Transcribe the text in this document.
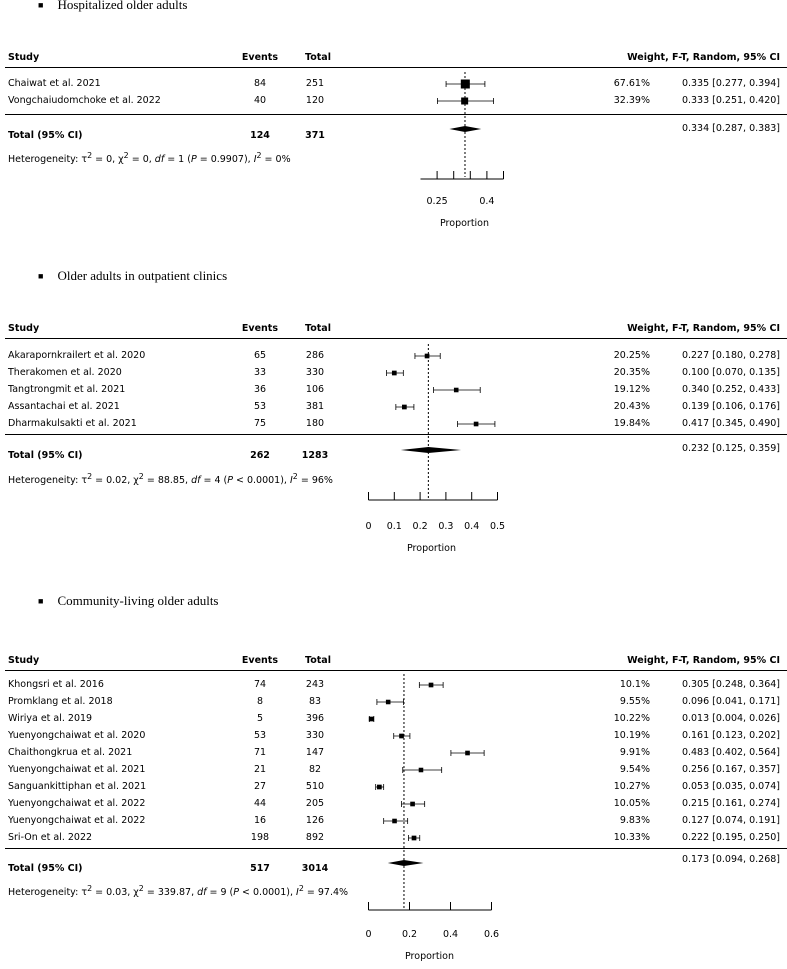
■ Hospitalized older adults
Study	Events	Total	Weight, F-T, Random, 95% CI
Chaiwat et al. 2021	84	251	67.61%	0.335 [0.277, 0.394]
Vongchaiudomchoke et al. 2022	40	120	32.39%	0.333 [0.251, 0.420]
Total (95% CI)	124	371
0.334 [0.287, 0.383]
Heterogeneity: $\tau^2 = 0$, $\chi^2 = 0$, df = 1 (P = 0.9907), $I^2 = 0\%$
Proportion
0.25	0.4
■ Older adults in outpatient clinics
Study	Events	Total	Weight, F-T, Random, 95% CI
Akarapornkrailert et al. 2020	65	286	20.25%	0.227 [0.180, 0.278]
Therakomen et al. 2020	33	330	20.35%	0.100 [0.070, 0.135]
Tangtrongmit et al. 2021	36	106	19.12%	0.340 [0.252, 0.433]
Assantachai et al. 2021	53	381	20.43%	0.139 [0.106, 0.176]
Dharmakulsakti et al. 2021	75	180	19.84%	0.417 [0.345, 0.490]
Total (95% CI)	262	1283
0.232 [0.125, 0.359]
Heterogeneity: $\tau^2 = 0.02$, $\chi^2 = 88.85$, df = 4 (P < 0.0001), $I^2 = 96\%$
Proportion
0 0.1 0.2 0.3 0.4 0.5
■ Community-living older adults
Study	Events	Total	Weight, F-T, Random, 95% CI
Khongsri et al. 2016	74	243	10.1%	0.305 [0.248, 0.364]
Promklang et al. 2018	8	83	9.55%	0.096 [0.041, 0.171]
Wiriya et al. 2019	5	396	10.22%	0.013 [0.004, 0.026]
Yuenyongchaiwat et al. 2020	53	330	10.19%	0.161 [0.123, 0.202]
Chaithongkrua et al. 2021	71	147	9.91%	0.483 [0.402, 0.564]
Yuenyongchaiwat et al. 2021	21	82	9.54%	0.256 [0.167, 0.357]
Sanguankittiphan et al. 2021	27	510	10.27%	0.053 [0.035, 0.074]
Yuenyongchaiwat et al. 2022	44	205	10.05%	0.215 [0.161, 0.274]
Yuenyongchaiwat et al. 2022	16	126	9.83%	0.127 [0.074, 0.191]
Sri-On et al. 2022	198	892	10.33%	0.222 [0.195, 0.250]
Total (95% CI)	517	3014
0.173 [0.094, 0.268]
Heterogeneity: $\tau^2 = 0.03$, $\chi^2 = 339.87$, df = 9 (P < 0.0001), $I^2 = 97.4\%$
Proportion
0	0.2	0.4	0.6
